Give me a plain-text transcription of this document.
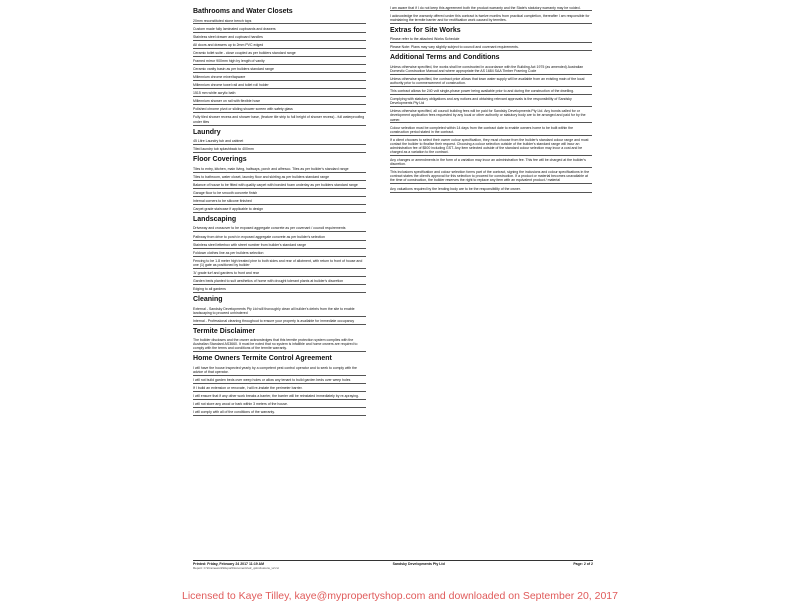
Bathrooms and Water Closets
20mm reconstituted stone bench tops
Custom made fully laminated cupboards and drawers
Stainless steel drawer and cupboard handles
All doors and drawers up to 2mm PVC edged
Ceramic toilet suite - close coupled as per builders standard range
Framed mirror 900mm high by length of vanity
Ceramic vanity basin as per builders standard range
Millennium chrome mixer/tapware
Millennium chrome towel rail and toilet roll holder
1515 mm white acrylic bath
Millennium shower on rail with flexible hose
Polished chrome pivot or sliding shower screen with safety glass
Fully tiled shower recess and shower base, (feature tile strip to full height of shower recess) - full waterproofing under tiles
Laundry
45 Litre Laundry tub and cabinet
Tiled laundry tub splashback to 400mm
Floor Coverings
Tiles to entry, kitchen, main living, hallways, porch and alfresco. Tiles as per builder's standard range
Tiles to bathroom, water closet, laundry floor and skirting as per builders standard range
Balance of house to be fitted with quality carpet with bonded foam underlay as per builders standard range
Garage floor to be smooth concrete finish
Internal corners to be silicone finished
Carpet grade staircase if applicable to design
Landscaping
Driveway and crossover to be exposed aggregate concrete as per covenant / council requirements
Pathway from drive to porch in exposed aggregate concrete as per builder's selection
Stainless steel letterbox with street number from builder's standard range
Foldown clothes line as per builders selection
Fencing to be 1.8 meter high treated pine to both sides and rear of allotment, with return to front of house and one (1) gate as positioned by builder
'A' grade turf and gardens to front and rear
Garden beds planted to suit aesthetics of home with drought tolerant plants at builder's discretion
Edging to all gardens
Cleaning
External - Sandsky Developments Pty Ltd will thoroughly clean all builder's debris from the site to enable landscaping to proceed unhindered
Internal - Professional cleaning throughout to ensure your property is available for immediate occupancy
Termite Disclaimer
The builder discloses and the owner acknowledges that this termite protection system complies with the Australian Standard AS3660. It must be noted that no system is infallible and home owners are required to comply with the terms and conditions of the termite warranty.
Home Owners Termite Control Agreement
I will have the house inspected yearly by a competent pest control operator and to seek to comply with the advice of that operator.
I will not build garden beds over weep holes or allow any tenant to build garden beds over weep holes
If I build an extension or renovate, I will re-instate the perimeter barrier.
I will ensure that if any other work breaks a barrier, the barrier will be reinstated immediately by re-spraying.
I will not store any wood or bark within 3 meters of the house.
I will comply with all of the conditions of the warranty.
I am aware that if I do not keep this agreement both the product warranty and the State's statutory warranty may be voided.
I acknowledge the warranty offered under this contract is twelve months from practical completion, thereafter I am responsible for maintaining the termite barrier and for rectification work caused by termites.
Extras for Site Works
Please refer to the attached Works Schedule
Please Note: Plans may vary slightly subject to council and covenant requirements.
Additional Terms and Conditions
Unless otherwise specified, the works shall be constructed in accordance with the Building Act 1975 (as amended) Australian Domestic Construction Manual and where appropriate the AS 1684 SAA Timber Framing Code
Unless otherwise specified, the contract price allows that town water supply will be available from an existing main of the local authority prior to commencement of construction.
This contract allows for 240 volt single-phase power being available prior to and during the construction of the dwelling.
Complying with statutory obligations and any notices and obtaining relevant approvals is the responsibility of Sandsky Developments Pty Ltd
Unless otherwise specified, all council building fees will be paid for Sandsky Developments Pty Ltd. Any bonds called for or development application fees requested by any local or other authority or statutory body are to be arranged and paid for by the owner.
Colour selection must be completed within 14 days from the contract date to enable owners home to be built within the construction period stated in the contract.
If a client chooses to select their owner colour specification, they must choose from the builder's standard colour range and must contact the builder to finalise their request. Choosing a colour selection outside of the builder's standard range will incur an administration fee of $500 including GST. Any item selected outside of the standard colour selection may incur a cost and be charged as a variation to the contract.
Any changes or amendments in the form of a variation may incur an administration fee. This fee will be charged at the builder's discretion.
This inclusions specification and colour selection forms part of the contract, signing the inclusions and colour specifications in the contract states the client's approval for this selection to proceed for construction. If a product or material becomes unavailable at the time of construction, the builder reserves the right to replace any item with an equivalent product / material
Any valuations required by the lending body are to be the responsibility of the owner.
Printed: Friday, February 24 2017 11:19 AM	Sandsky Developments Pty Ltd	Page: 2 of 2
Report: C:\Framework\ReportDocuments\str_qsInclusions_v2.rst
Licensed to Kaye Tilley, kaye@mypropertyshop.com and downloaded on September 20, 2017
